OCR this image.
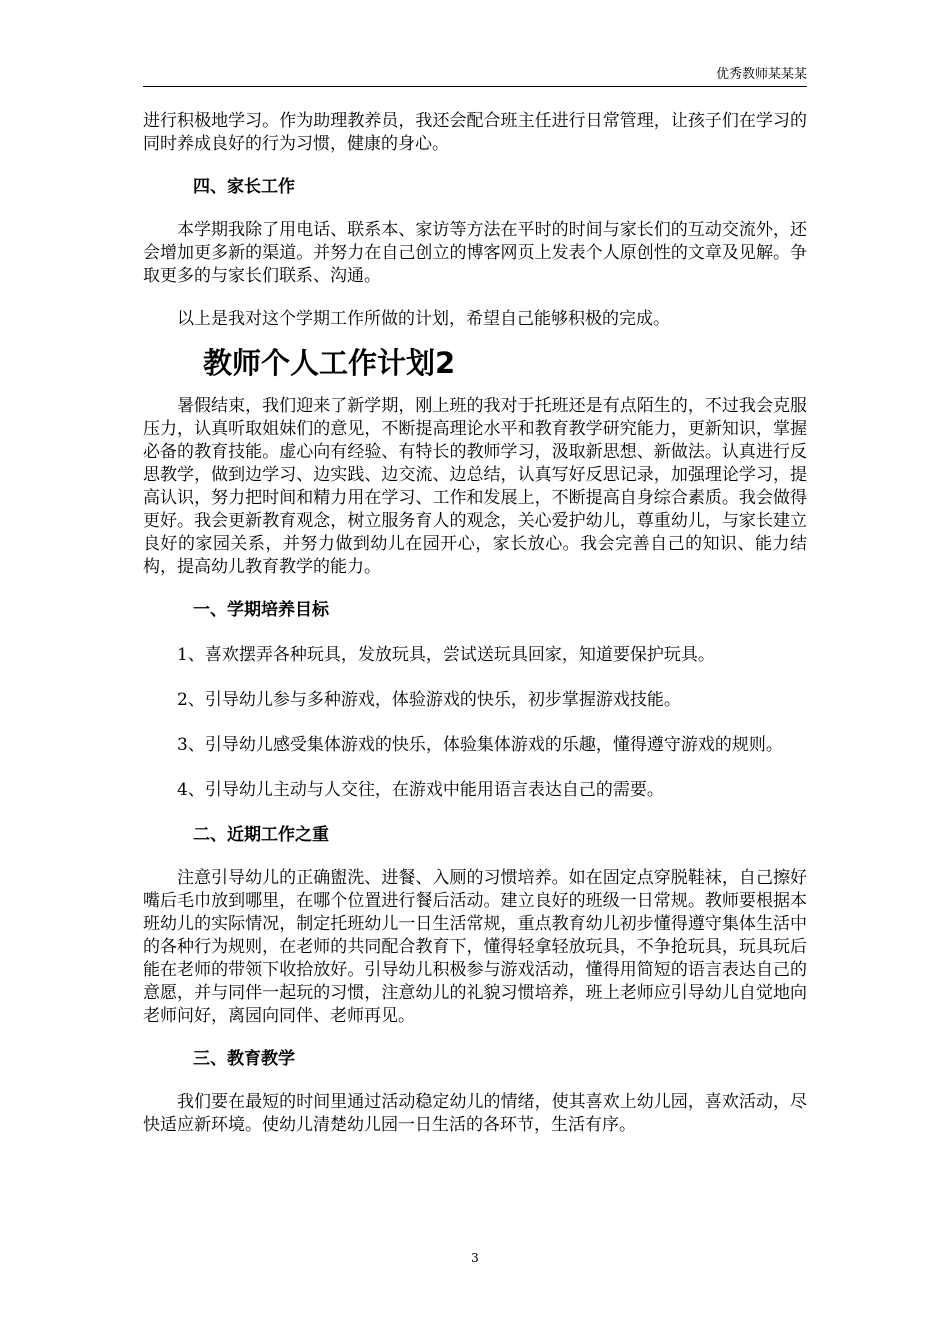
优秀教师某某某

进行积极地学习。作为助理教养员，我还会配合班主任进行日常管理，让孩子们在学习的同时养成良好的行为习惯，健康的身心。

四、家长工作

本学期我除了用电话、联系本、家访等方法在平时的时间与家长们的互动交流外，还会增加更多新的渠道。并努力在自己创立的博客网页上发表个人原创性的文章及见解。争取更多的与家长们联系、沟通。

以上是我对这个学期工作所做的计划，希望自己能够积极的完成。

教师个人工作计划2

暑假结束，我们迎来了新学期，刚上班的我对于托班还是有点陌生的，不过我会克服压力，认真听取姐妹们的意见，不断提高理论水平和教育教学研究能力，更新知识，掌握必备的教育技能。虚心向有经验、有特长的教师学习，汲取新思想、新做法。认真进行反思教学，做到边学习、边实践、边交流、边总结，认真写好反思记录，加强理论学习，提高认识，努力把时间和精力用在学习、工作和发展上，不断提高自身综合素质。我会做得更好。我会更新教育观念，树立服务育人的观念，关心爱护幼儿，尊重幼儿，与家长建立良好的家园关系，并努力做到幼儿在园开心，家长放心。我会完善自己的知识、能力结构，提高幼儿教育教学的能力。

一、学期培养目标

1、喜欢摆弄各种玩具，发放玩具，尝试送玩具回家，知道要保护玩具。

2、引导幼儿参与多种游戏，体验游戏的快乐，初步掌握游戏技能。

3、引导幼儿感受集体游戏的快乐，体验集体游戏的乐趣，懂得遵守游戏的规则。

4、引导幼儿主动与人交往，在游戏中能用语言表达自己的需要。

二、近期工作之重

注意引导幼儿的正确盥洗、进餐、入厕的习惯培养。如在固定点穿脱鞋袜，自己擦好嘴后毛巾放到哪里，在哪个位置进行餐后活动。建立良好的班级一日常规。教师要根据本班幼儿的实际情况，制定托班幼儿一日生活常规，重点教育幼儿初步懂得遵守集体生活中的各种行为规则，在老师的共同配合教育下，懂得轻拿轻放玩具，不争抢玩具，玩具玩后能在老师的带领下收拾放好。引导幼儿积极参与游戏活动，懂得用简短的语言表达自己的意愿，并与同伴一起玩的习惯，注意幼儿的礼貌习惯培养，班上老师应引导幼儿自觉地向老师问好，离园向同伴、老师再见。

三、教育教学

我们要在最短的时间里通过活动稳定幼儿的情绪，使其喜欢上幼儿园，喜欢活动，尽快适应新环境。使幼儿清楚幼儿园一日生活的各环节，生活有序。

3
